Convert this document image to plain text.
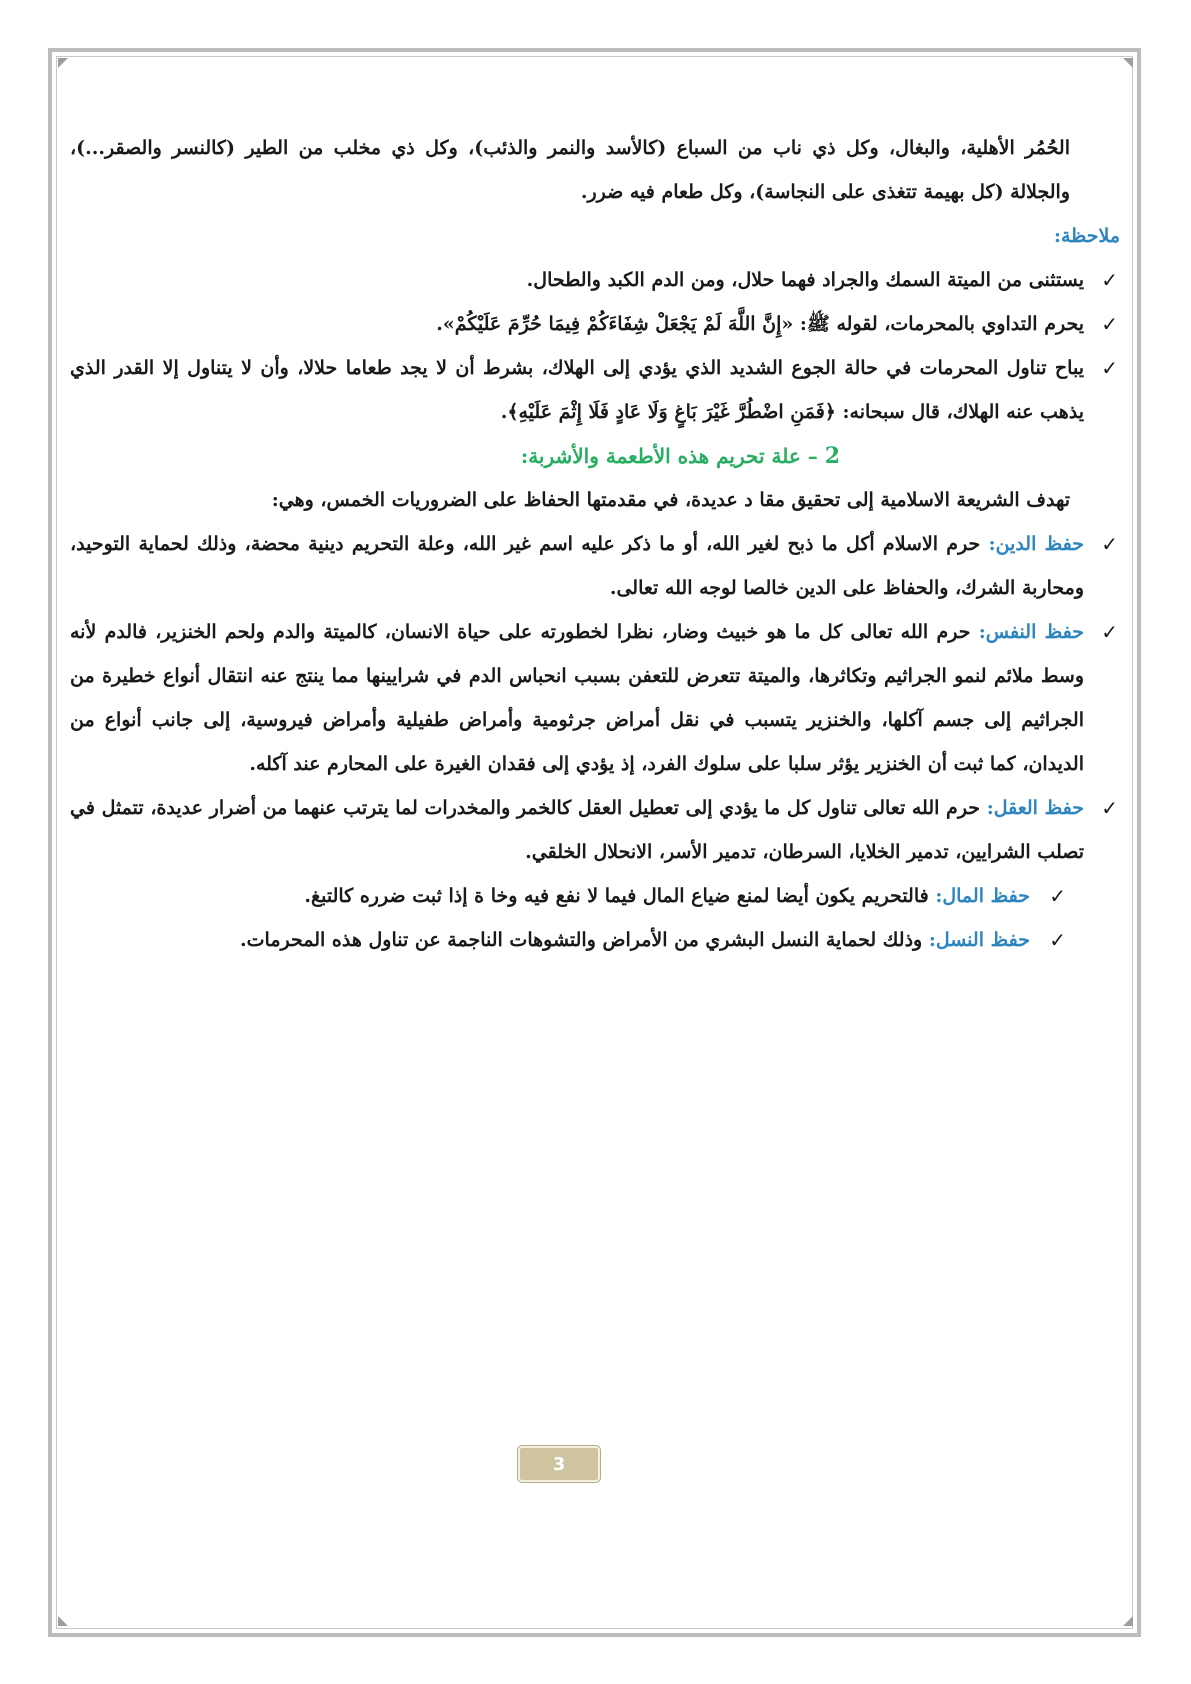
الحُمُر الأهلية، والبغال، وكل ذي ناب من السباع (كالأسد والنمر والذئب)، وكل ذي مخلب من الطير (كالنسر والصقر...)، والجلالة (كل بهيمة تتغذى على النجاسة)، وكل طعام فيه ضرر.

ملاحظة:

✓
يستثنى من الميتة السمك والجراد فهما حلال، ومن الدم الكبد والطحال.
✓
يحرم التداوي بالمحرمات، لقوله ﷺ: «إِنَّ اللَّهَ لَمْ يَجْعَلْ شِفَاءَكُمْ فِيمَا حُرِّمَ عَلَيْكُمْ».
✓
يباح تناول المحرمات في حالة الجوع الشديد الذي يؤدي إلى الهلاك، بشرط أن لا يجد طعاما حلالا، وأن لا يتناول إلا القدر الذي يذهب عنه الهلاك، قال سبحانه: ﴿فَمَنِ اضْطُرَّ غَيْرَ بَاغٍ وَلَا عَادٍ فَلَا إِثْمَ عَلَيْهِ﴾.

2 – علة تحريم هذه الأطعمة والأشربة:

تهدف الشريعة الاسلامية إلى تحقيق مقا د عديدة، في مقدمتها الحفاظ على الضروريات الخمس، وهي:

✓
حفظ الدين: حرم الاسلام أكل ما ذبح لغير الله، أو ما ذكر عليه اسم غير الله، وعلة التحريم دينية محضة، وذلك لحماية التوحيد، ومحاربة الشرك، والحفاظ على الدين خالصا لوجه الله تعالى.
✓
حفظ النفس: حرم الله تعالى كل ما هو خبيث وضار، نظرا لخطورته على حياة الانسان، كالميتة والدم ولحم الخنزير، فالدم لأنه وسط ملائم لنمو الجراثيم وتكاثرها، والميتة تتعرض للتعفن بسبب انحباس الدم في شرايينها مما ينتج عنه انتقال أنواع خطيرة من الجراثيم إلى جسم آكلها، والخنزير يتسبب في نقل أمراض جرثومية وأمراض طفيلية وأمراض فيروسية، إلى جانب أنواع من الديدان، كما ثبت أن الخنزير يؤثر سلبا على سلوك الفرد، إذ يؤدي إلى فقدان الغيرة على المحارم عند آكله.
✓
حفظ العقل: حرم الله تعالى تناول كل ما يؤدي إلى تعطيل العقل كالخمر والمخدرات لما يترتب عنهما من أضرار عديدة، تتمثل في تصلب الشرايين، تدمير الخلايا، السرطان، تدمير الأسر، الانحلال الخلقي.
✓
حفظ المال: فالتحريم يكون أيضا لمنع ضياع المال فيما لا نفع فيه وخا ة إذا ثبت ضرره كالتبغ.
✓
حفظ النسل: وذلك لحماية النسل البشري من الأمراض والتشوهات الناجمة عن تناول هذه المحرمات.
3
